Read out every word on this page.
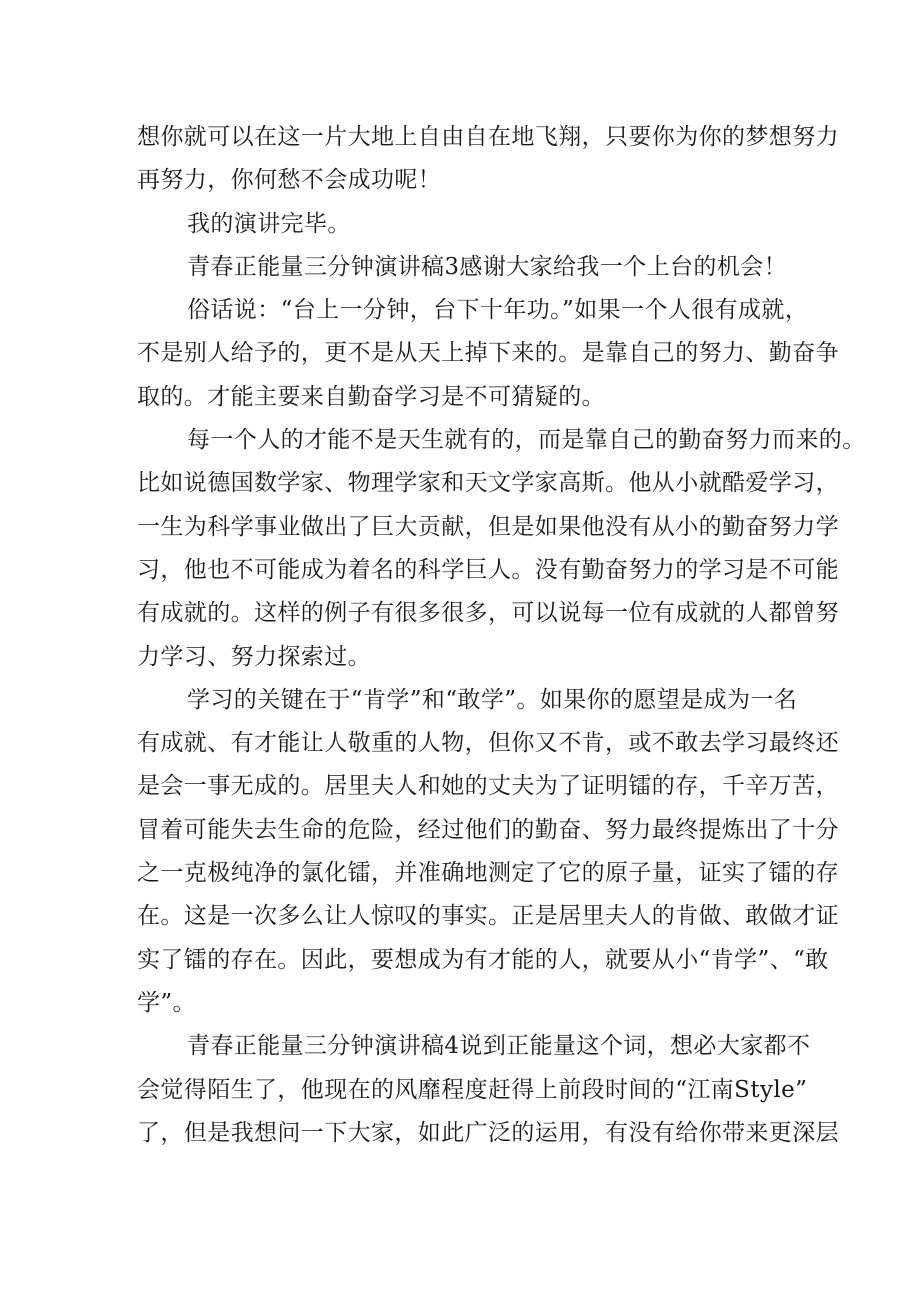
想你就可以在这一片大地上自由自在地飞翔，只要你为你的梦想努力
再努力，你何愁不会成功呢！
我的演讲完毕。
青春正能量三分钟演讲稿3感谢大家给我一个上台的机会！
俗话说：“台上一分钟，台下十年功。”如果一个人很有成就，
不是别人给予的，更不是从天上掉下来的。是靠自己的努力、勤奋争
取的。才能主要来自勤奋学习是不可猜疑的。
每一个人的才能不是天生就有的，而是靠自己的勤奋努力而来的。
比如说德国数学家、物理学家和天文学家高斯。他从小就酷爱学习，
一生为科学事业做出了巨大贡献，但是如果他没有从小的勤奋努力学
习，他也不可能成为着名的科学巨人。没有勤奋努力的学习是不可能
有成就的。这样的例子有很多很多，可以说每一位有成就的人都曾努
力学习、努力探索过。
学习的关键在于“肯学”和“敢学”。如果你的愿望是成为一名
有成就、有才能让人敬重的人物，但你又不肯，或不敢去学习最终还
是会一事无成的。居里夫人和她的丈夫为了证明镭的存，千辛万苦，
冒着可能失去生命的危险，经过他们的勤奋、努力最终提炼出了十分
之一克极纯净的氯化镭，并准确地测定了它的原子量，证实了镭的存
在。这是一次多么让人惊叹的事实。正是居里夫人的肯做、敢做才证
实了镭的存在。因此，要想成为有才能的人，就要从小“肯学”、“敢
学”。
青春正能量三分钟演讲稿4说到正能量这个词，想必大家都不
会觉得陌生了，他现在的风靡程度赶得上前段时间的“江南Style”
了，但是我想问一下大家，如此广泛的运用，有没有给你带来更深层
